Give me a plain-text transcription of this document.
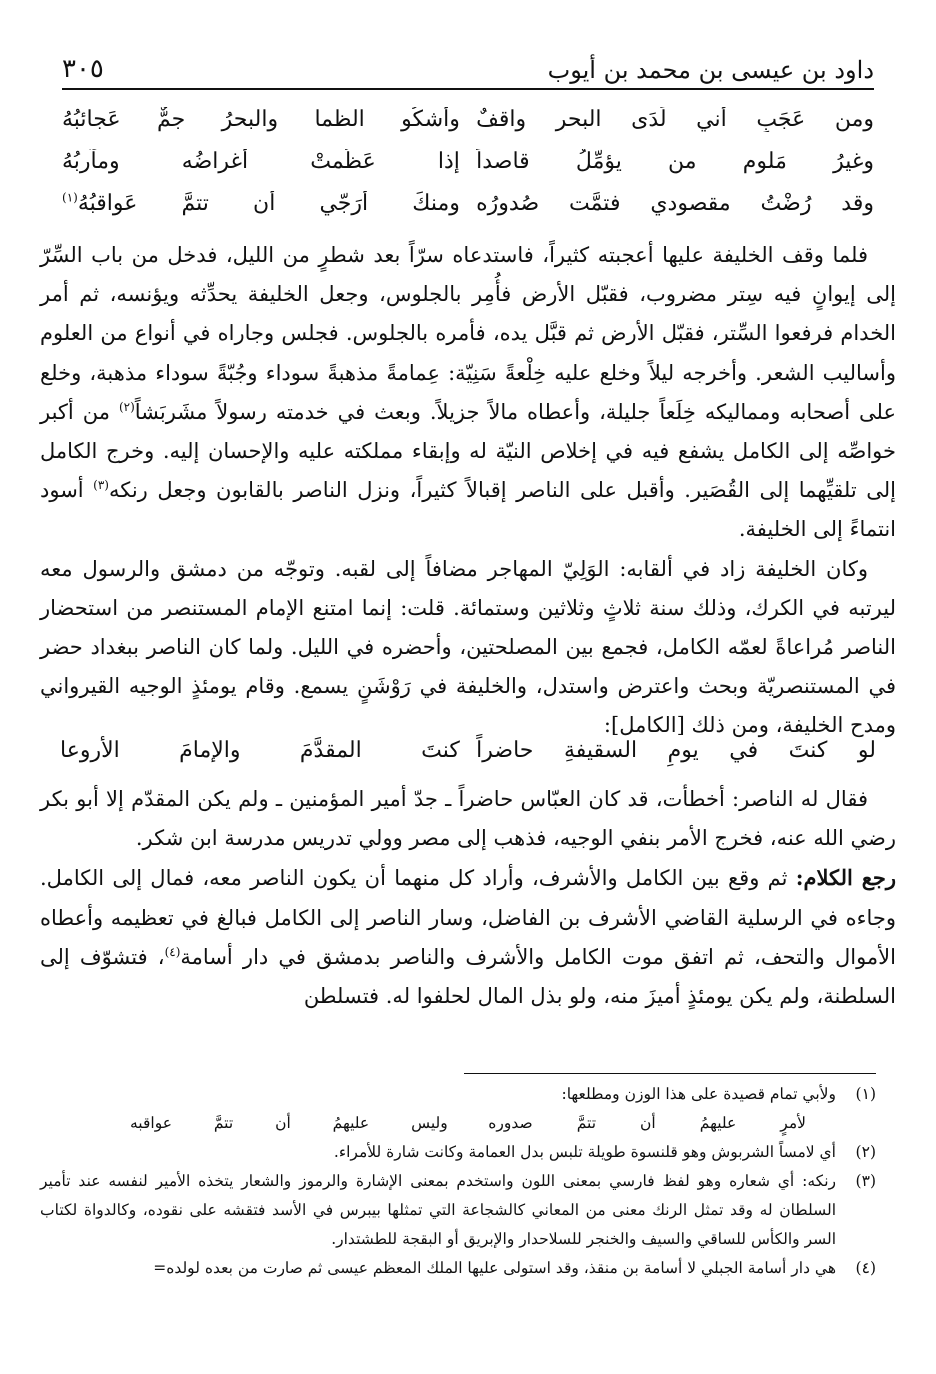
داود بن عيسى بن محمد بن أيوب
٣٠٥
ومن عَجَبٍ أني لَدَى البحرِ واقفٌ
وأشكُو الظما والبحرُ جمٌّ عَجائبُهُ
وغيرُ مَلومٍ من يؤمِّلُ قاصداً
إذا عَظُمتْ أغراضُه ومآربُهُ
وقد رُضْتُ مقصودي فتمَّت صُدورُه
ومنكَ أُرَجّي أن تتمَّ عَواقبُهُ$^{(١)}$

فلما وقف الخليفة عليها أعجبته كثيراً، فاستدعاه سرّاً بعد شطرٍ من الليل، فدخل من باب السِّرّ إلى إيوانٍ فيه سِتر مضروب، فقبّل الأرض فأُمِر بالجلوس، وجعل الخليفة يحدِّثه ويؤنسه، ثم أمر الخدام فرفعوا السِّتر، فقبّل الأرض ثم قبَّل يده، فأمره بالجلوس. فجلس وجاراه في أنواع من العلوم وأساليب الشعر. وأخرجه ليلاً وخلع عليه خِلْعةً سَنِيّة: عِمامةً مذهبةً سوداء وجُبّةً سوداء مذهبة، وخلع على أصحابه ومماليكه خِلَعاً جليلة، وأعطاه مالاً جزيلاً. وبعث في خدمته رسولاً مشَربَشاً$^{(٢)}$ من أكبر خواصِّه إلى الكامل يشفع فيه في إخلاص النيّة له وإبقاء مملكته عليه والإحسان إليه. وخرج الكامل إلى تلقيِّهما إلى القُصَير. وأقبل على الناصر إقبالاً كثيراً، ونزل الناصر بالقابون وجعل رنكه$^{(٣)}$ أسود انتماءً إلى الخليفة.

وكان الخليفة زاد في ألقابه: الوَلِيّ المهاجر مضافاً إلى لقبه. وتوجّه من دمشق والرسول معه ليرتبه في الكرك، وذلك سنة ثلاثٍ وثلاثين وستمائة. قلت: إنما امتنع الإمام المستنصر من استحضار الناصر مُراعاةً لعمّه الكامل، فجمع بين المصلحتين، وأحضره في الليل. ولما كان الناصر ببغداد حضر في المستنصريّة وبحث واعترض واستدل، والخليفة في رَوْشَنٍ يسمع. وقام يومئذٍ الوجيه القيرواني ومدح الخليفة، ومن ذلك [الكامل]:

لو كنتَ في يومِ السقيفةِ حاضراً
كنتَ المقدَّمَ والإمامَ الأروعا

فقال له الناصر: أخطأت، قد كان العبّاس حاضراً ـ جدّ أمير المؤمنين ـ ولم يكن المقدّم إلا أبو بكر رضي الله عنه، فخرج الأمر بنفي الوجيه، فذهب إلى مصر وولي تدريس مدرسة ابن شكر.

رجع الكلام: ثم وقع بين الكامل والأشرف، وأراد كل منهما أن يكون الناصر معه، فمال إلى الكامل. وجاءه في الرسلية القاضي الأشرف بن الفاضل، وسار الناصر إلى الكامل فبالغ في تعظيمه وأعطاه الأموال والتحف، ثم اتفق موت الكامل والأشرف والناصر بدمشق في دار أسامة$^{(٤)}$، فتشوّف إلى السلطنة، ولم يكن يومئذٍ أميزَ منه، ولو بذل المال لحلفوا له. فتسلطن

(١)
ولأبي تمام قصيدة على هذا الوزن ومطلعها:
لأمرٍ عليهمُ أن تتمَّ صدوره
وليس عليهمُ أن تتمَّ عواقبه
(٢)
أي لامساً الشربوش وهو قلنسوة طويلة تلبس بدل العمامة وكانت شارة للأمراء.
(٣)
رنكه: أي شعاره وهو لفظ فارسي بمعنى اللون واستخدم بمعنى الإشارة والرموز والشعار يتخذه الأمير لنفسه عند تأمير السلطان له وقد تمثل الرنك معنى من المعاني كالشجاعة التي تمثلها بيبرس في الأسد فتقشه على نقوده، وكالدواة لكتاب السر والكأس للساقي والسيف والخنجر للسلاحدار والإبريق أو البقجة للطشتدار.
(٤)
هي دار أسامة الجبلي لا أسامة بن منقذ، وقد استولى عليها الملك المعظم عيسى ثم صارت من بعده لولده=
